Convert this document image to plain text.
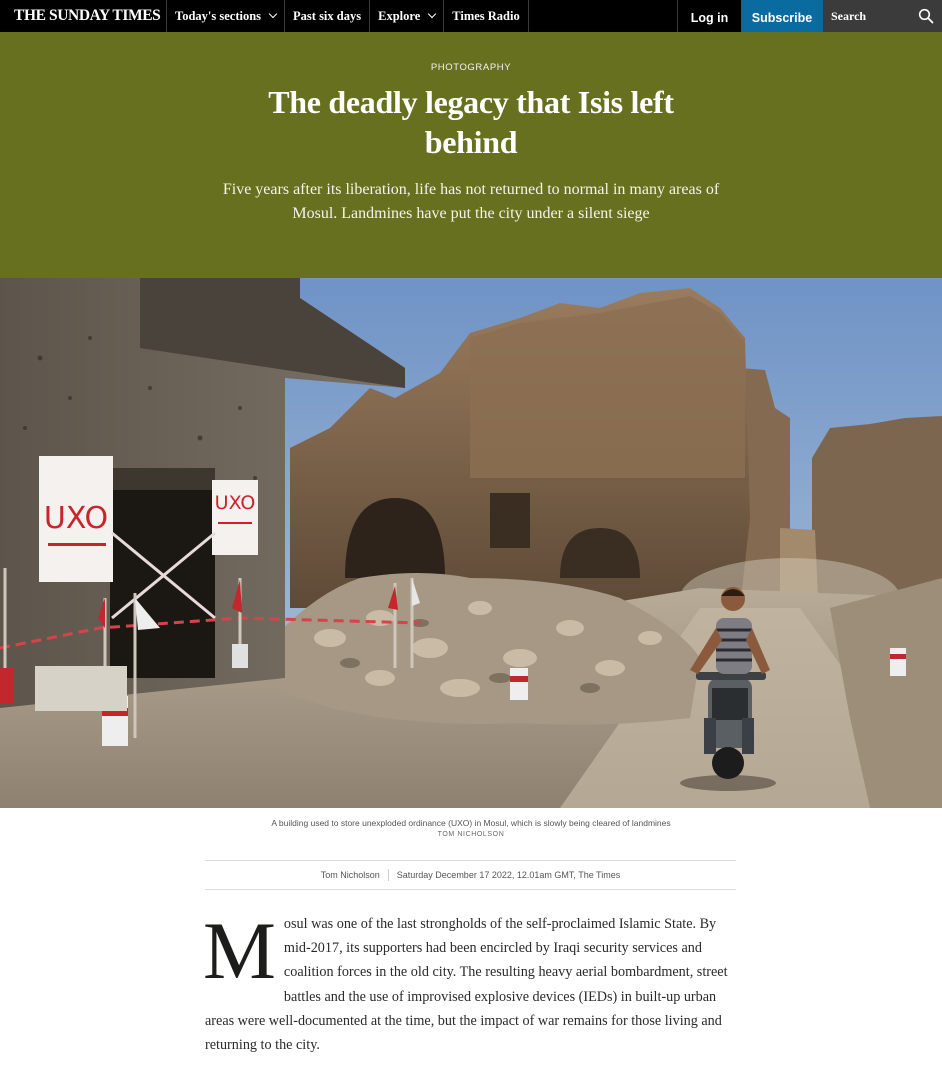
THE SUNDAY TIMES	Today's sections	Past six days Explore	Times Radio	Log in	Subscribe	Search
PHOTOGRAPHY
The deadly legacy that Isis left behind

Five years after its liberation, life has not returned to normal in many areas of Mosul. Landmines have put the city under a silent siege

UXO	UXO
A building used to store unexploded ordinance (UXO) in Mosul, which is slowly being cleared of landmines
TOM NICHOLSON
Tom Nicholson Saturday December 17 2022, 12.01am GMT, The Times

Mosul was one of the last strongholds of the self-proclaimed Islamic State. By mid-2017, its supporters had been encircled by Iraqi security services and coalition forces in the old city. The resulting heavy aerial bombardment, street battles and the use of improvised explosive devices (IEDs) in built-up urban areas were well-documented at the time, but the impact of war remains for those living and returning to the city.
